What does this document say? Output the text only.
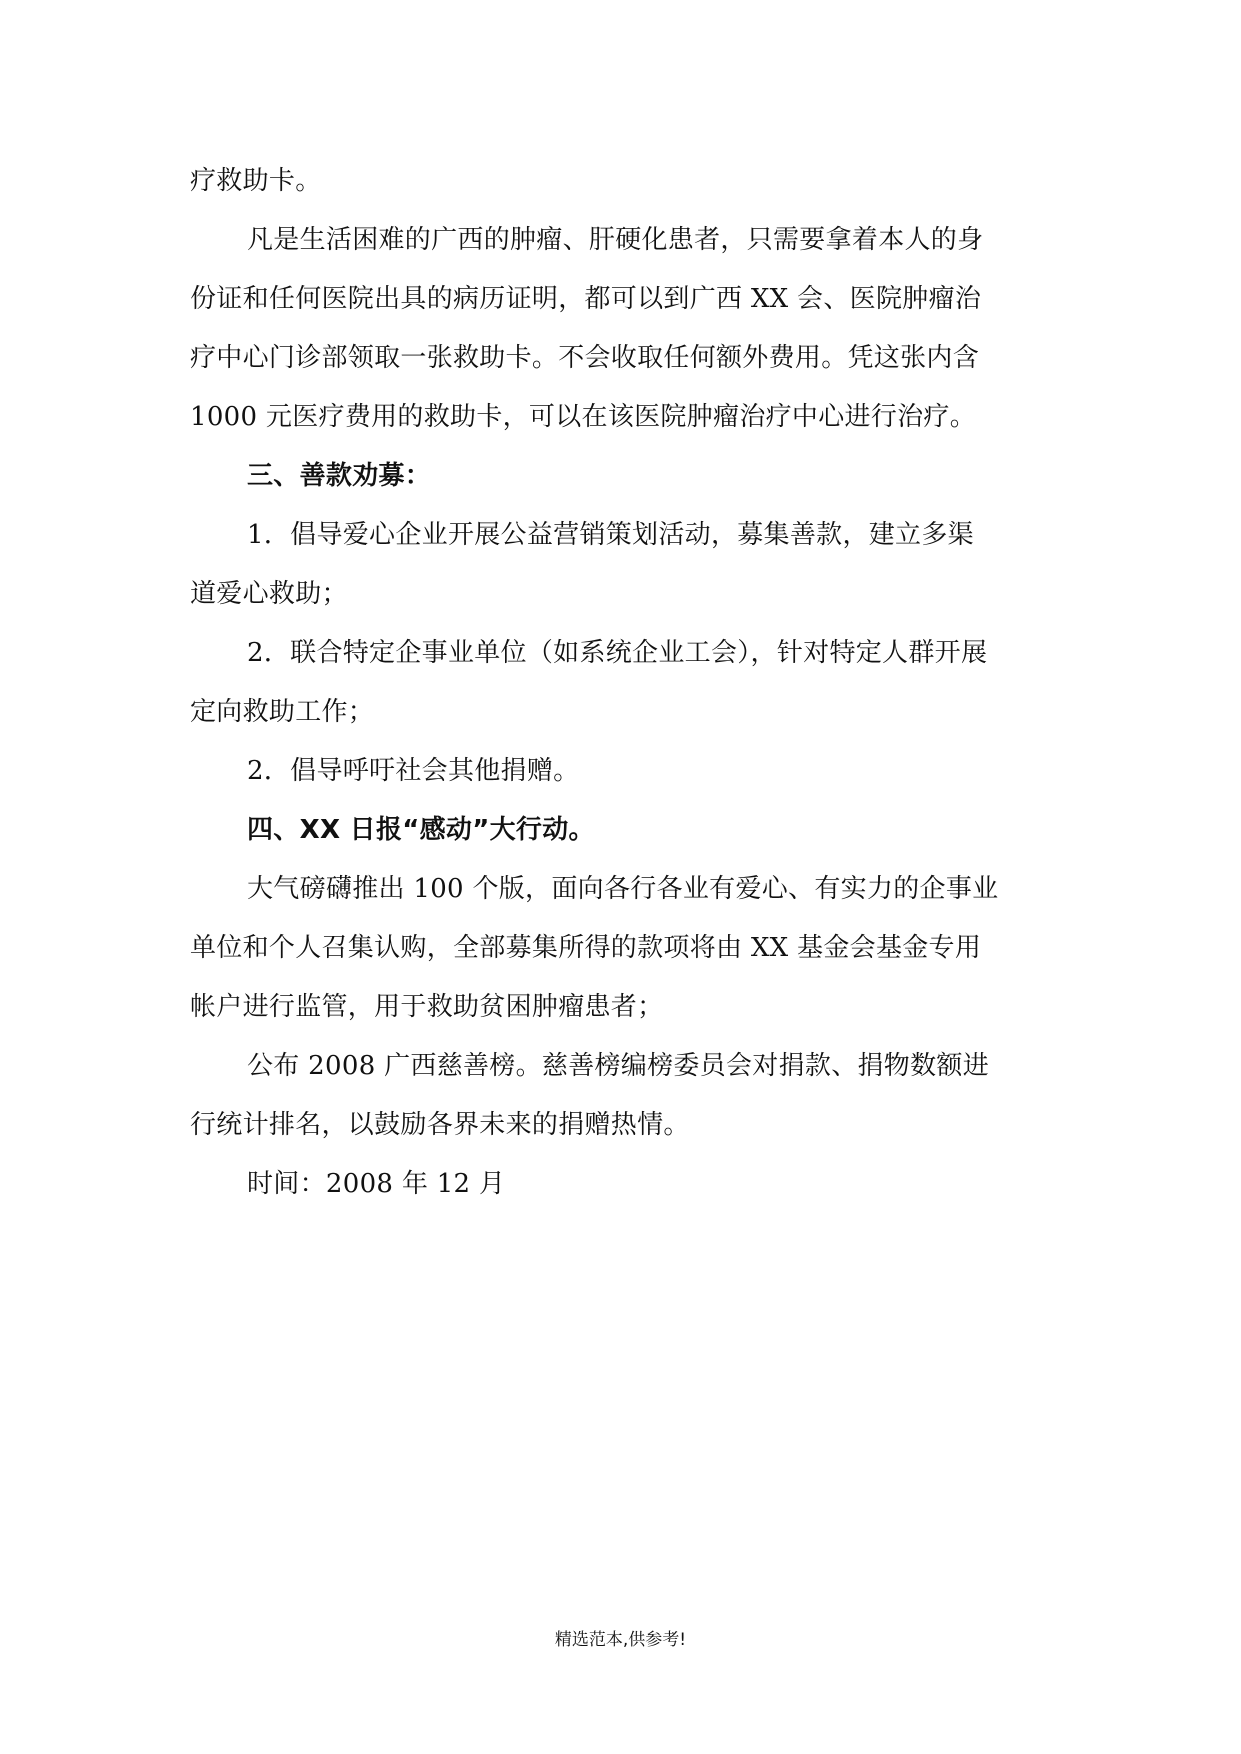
疗救助卡。
凡是生活困难的广西的肿瘤、肝硬化患者，只需要拿着本人的身
份证和任何医院出具的病历证明，都可以到广西 XX 会、医院肿瘤治
疗中心门诊部领取一张救助卡。不会收取任何额外费用。凭这张内含
1000 元医疗费用的救助卡，可以在该医院肿瘤治疗中心进行治疗。
三、善款劝募：
1．倡导爱心企业开展公益营销策划活动，募集善款，建立多渠
道爱心救助；
2．联合特定企事业单位（如系统企业工会），针对特定人群开展
定向救助工作；
2．倡导呼吁社会其他捐赠。
四、XX 日报“感动”大行动。
大气磅礴推出 100 个版，面向各行各业有爱心、有实力的企事业
单位和个人召集认购，全部募集所得的款项将由 XX 基金会基金专用
帐户进行监管，用于救助贫困肿瘤患者；
公布 2008 广西慈善榜。慈善榜编榜委员会对捐款、捐物数额进
行统计排名，以鼓励各界未来的捐赠热情。
时间：2008 年 12 月
精选范本,供参考!
